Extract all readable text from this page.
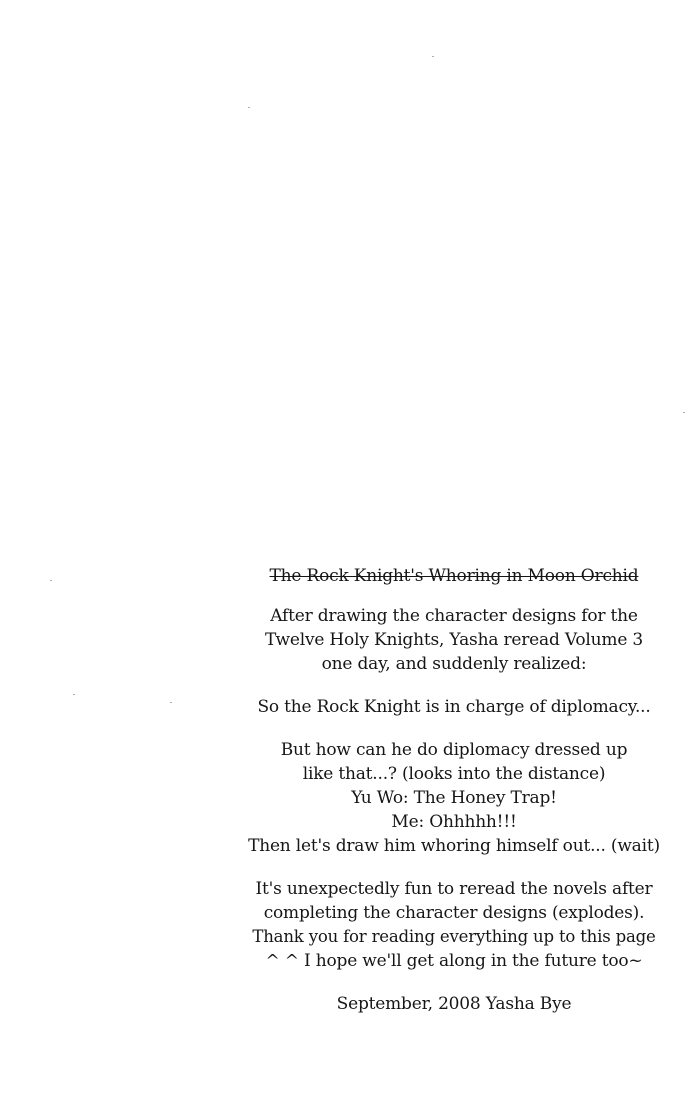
The Rock Knight's Whoring in Moon Orchid

After drawing the character designs for the
Twelve Holy Knights, Yasha reread Volume 3
one day, and suddenly realized:

So the Rock Knight is in charge of diplomacy...

But how can he do diplomacy dressed up
like that...? (looks into the distance)
Yu Wo: The Honey Trap!
Me: Ohhhhh!!!
Then let's draw him whoring himself out... (wait)

It's unexpectedly fun to reread the novels after
completing the character designs (explodes).
Thank you for reading everything up to this page
^ ^ I hope we'll get along in the future too~

September, 2008 Yasha Bye
